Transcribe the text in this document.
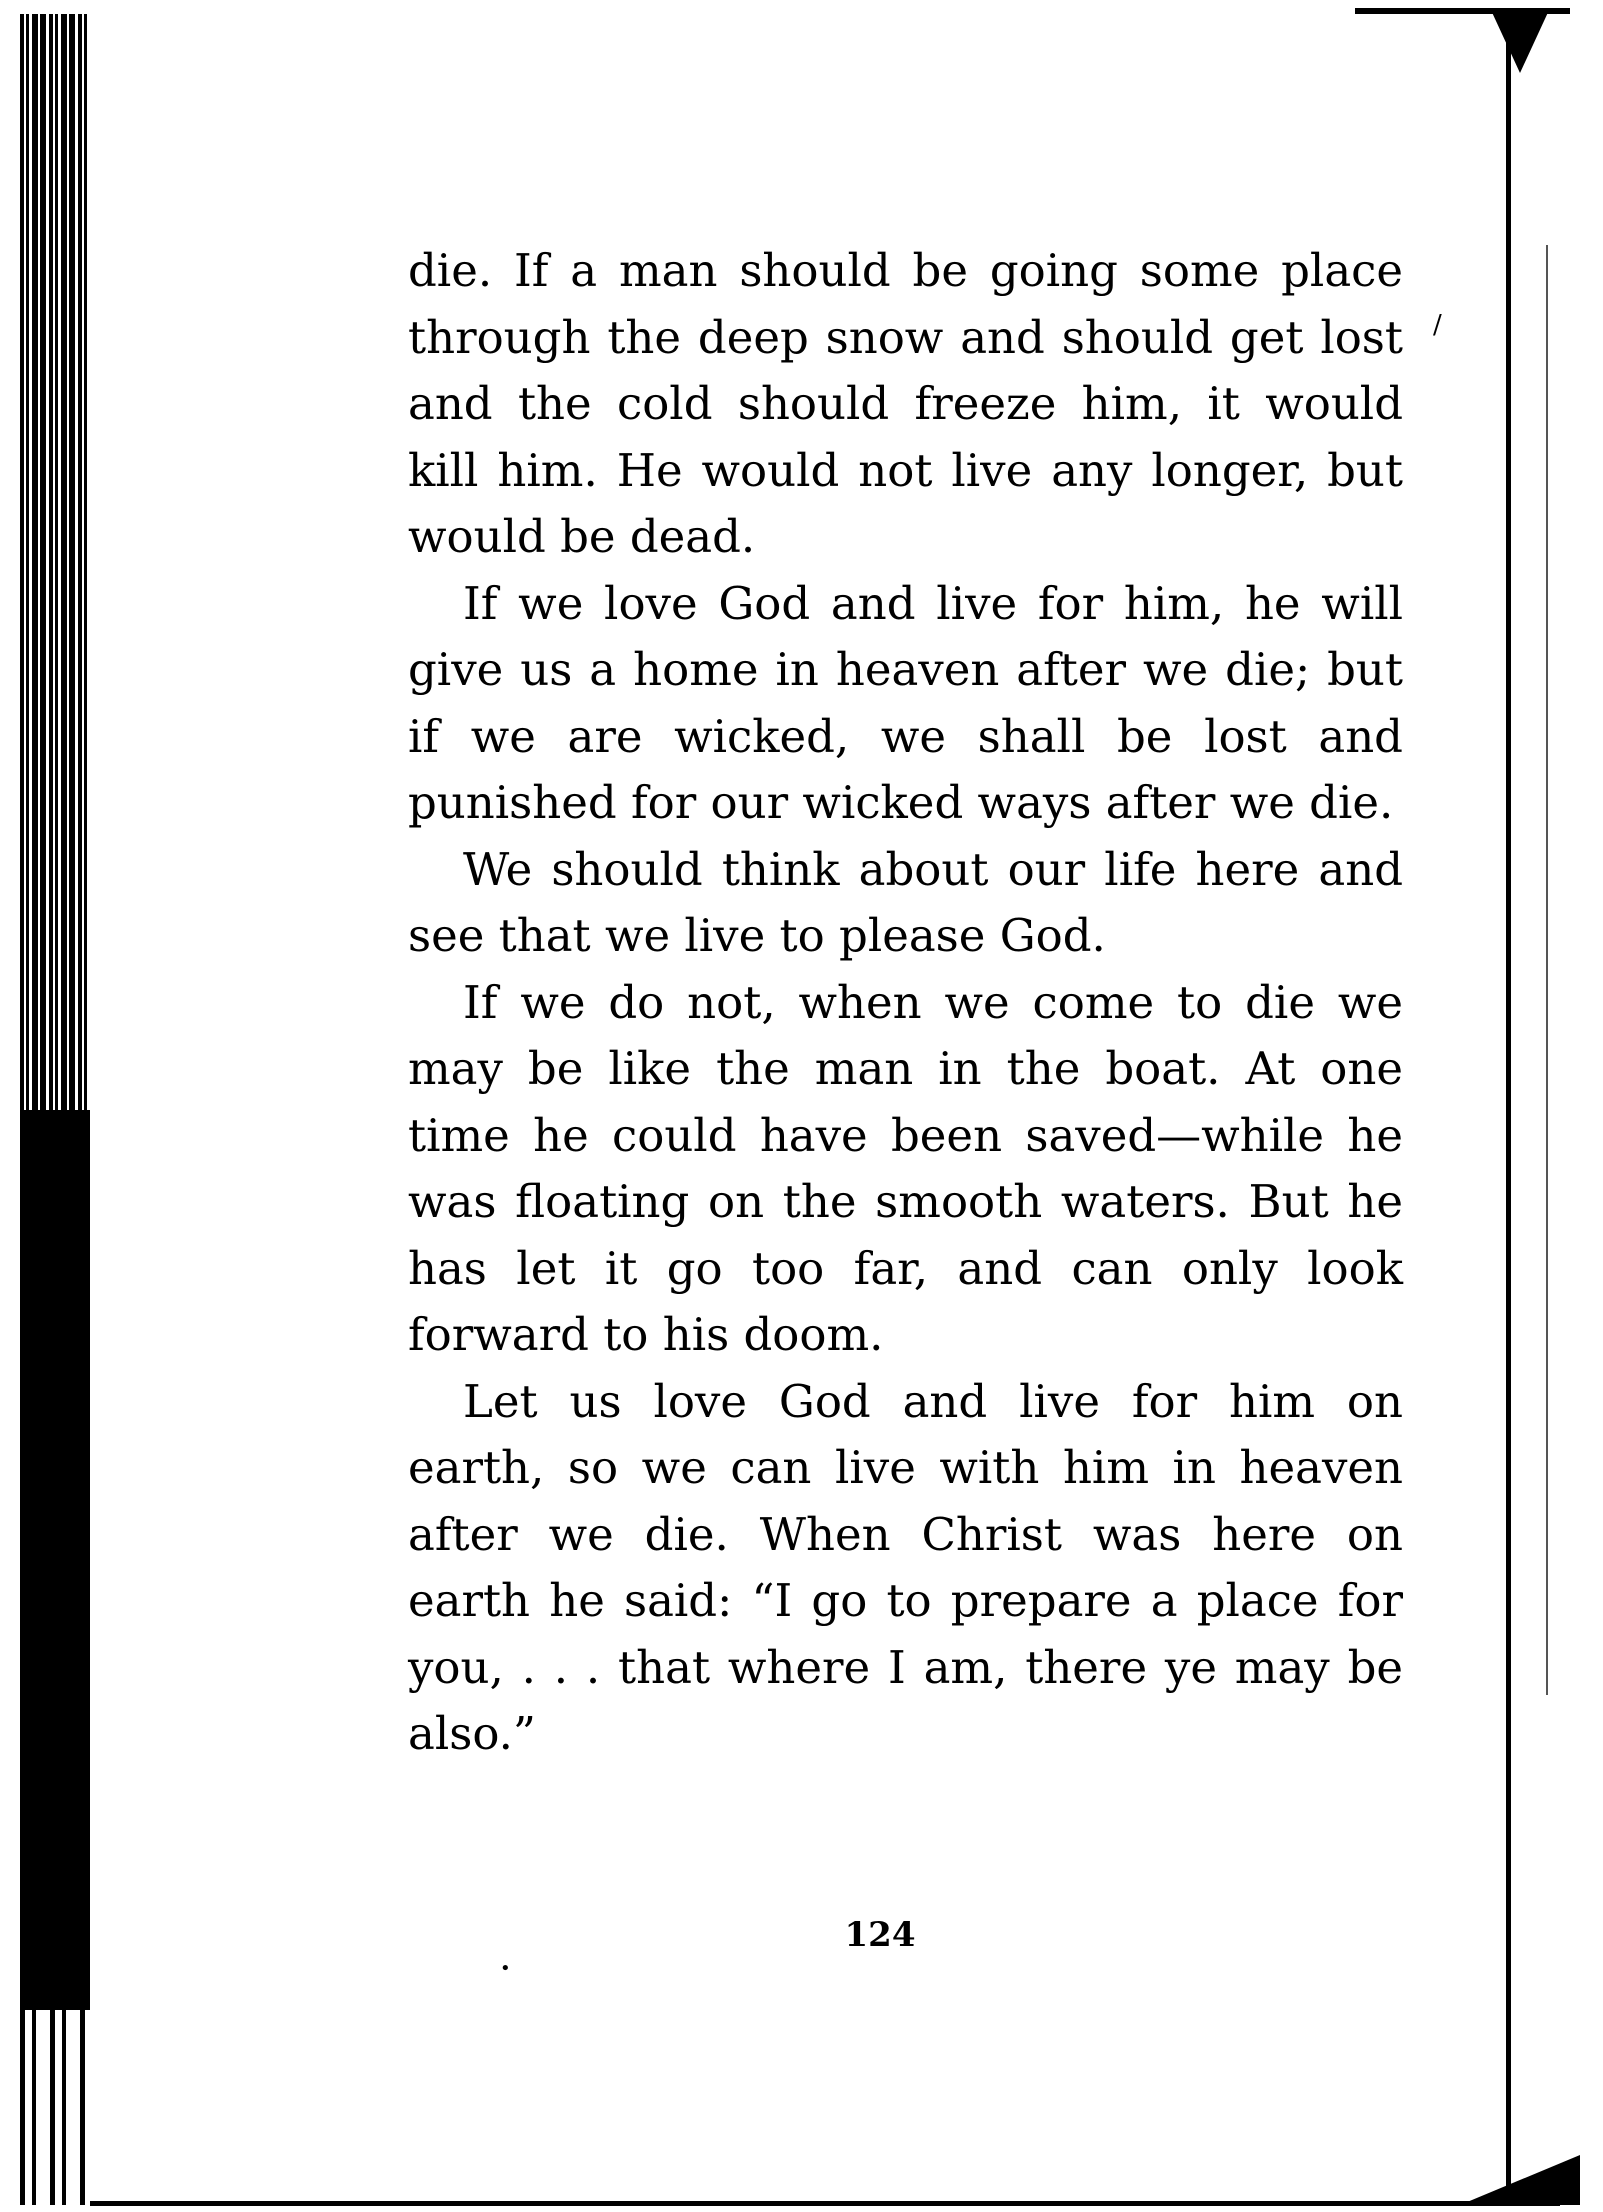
/
•

die. If a man should be going some place through the deep snow and should get lost and the cold should freeze him, it would kill him. He would not live any longer, but would be dead.

If we love God and live for him, he will give us a home in heaven after we die; but if we are wicked, we shall be lost and punished for our wicked ways after we die.

We should think about our life here and see that we live to please God.

If we do not, when we come to die we may be like the man in the boat. At one time he could have been saved—while he was floating on the smooth waters. But he has let it go too far, and can only look forward to his doom.

Let us love God and live for him on earth, so we can live with him in heaven after we die. When Christ was here on earth he said: “I go to prepare a place for you, . . . that where I am, there ye may be also.”

124
